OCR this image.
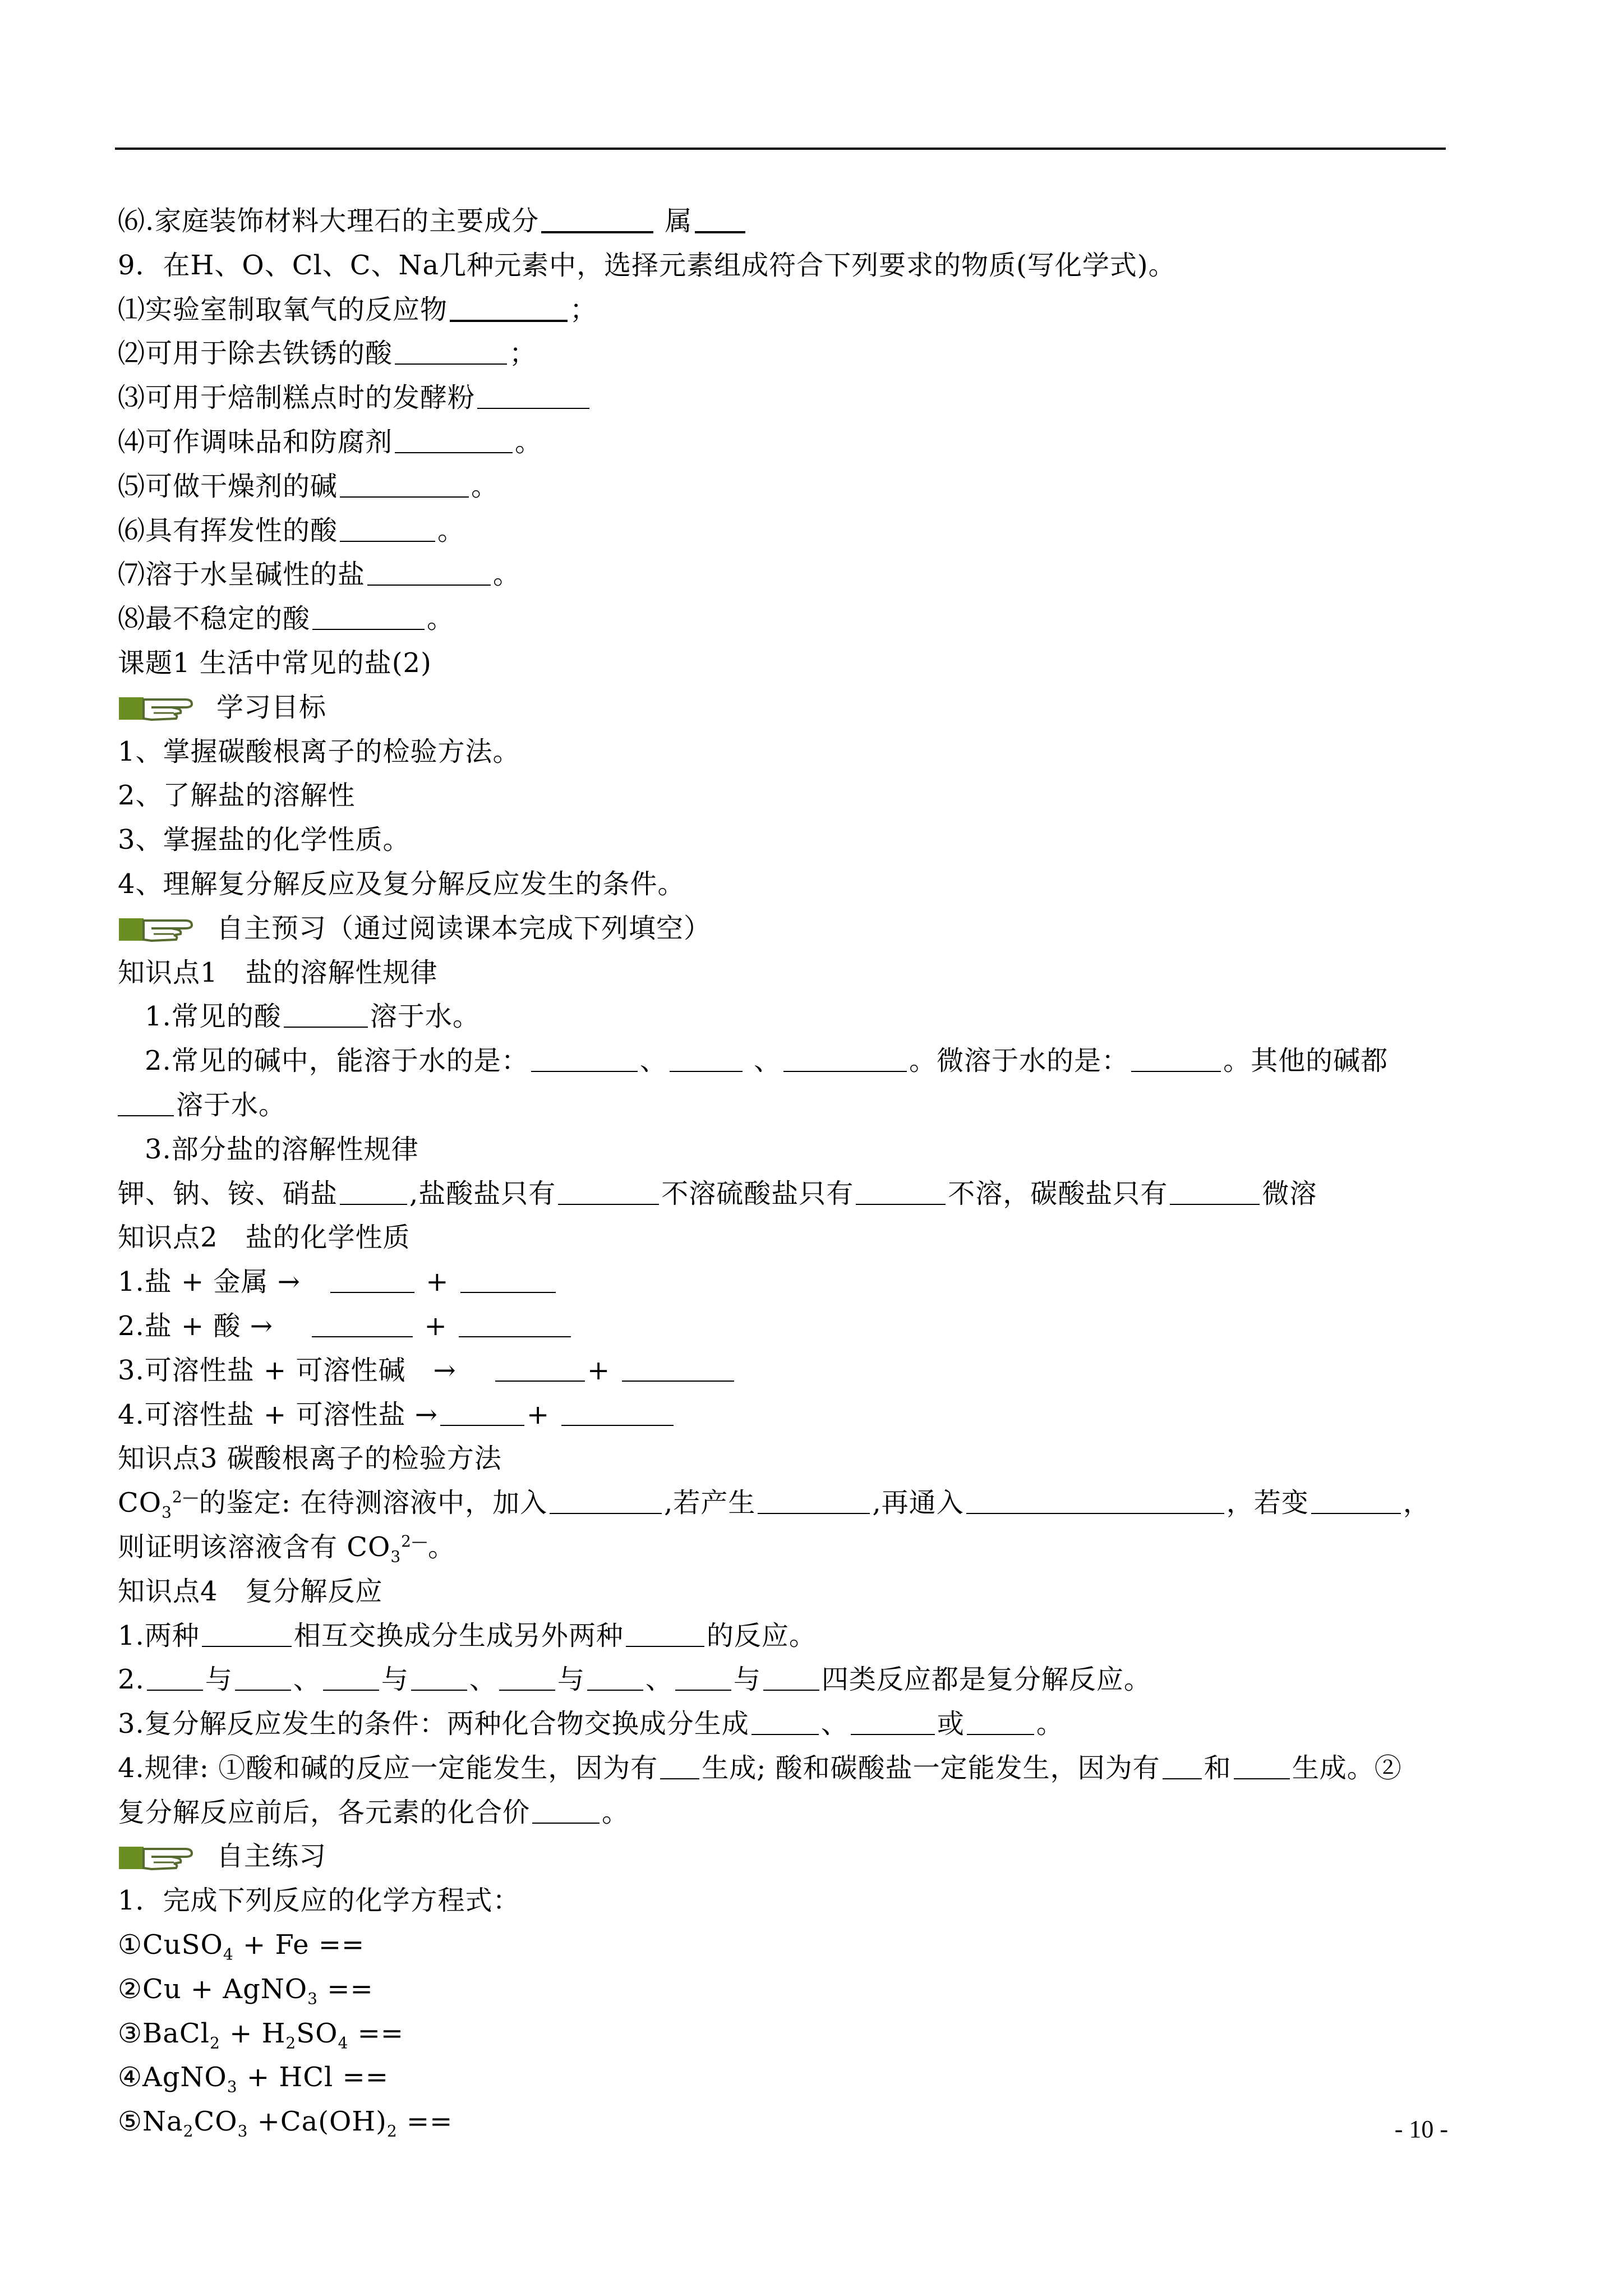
⑹.家庭装饰材料大理石的主要成分	属
9．在H、O、Cl、C、Na几种元素中，选择元素组成符合下列要求的物质(写化学式)。
⑴实验室制取氧气的反应物	；
⑵可用于除去铁锈的酸	；
⑶可用于焙制糕点时的发酵粉
⑷可作调味品和防腐剂	。
⑸可做干燥剂的碱	。
⑹具有挥发性的酸	。
⑺溶于水呈碱性的盐	。
⑻最不稳定的酸	。
课题1 生活中常见的盐(2)
学习目标
1、掌握碳酸根离子的检验方法。
2、了解盐的溶解性
3、掌握盐的化学性质。
4、理解复分解反应及复分解反应发生的条件。
自主预习（通过阅读课本完成下列填空）
知识点1　盐的溶解性规律
1.常见的酸	溶于水。
2.常见的碱中，能溶于水的是：	、	、	。微溶于水的是：	。其他的碱都
溶于水。
3.部分盐的溶解性规律
钾、钠、铵、硝盐	,盐酸盐只有	不溶硫酸盐只有	不溶，碳酸盐只有	微溶
知识点2　盐的化学性质
1.盐 + 金属 →　	+
2.盐 + 酸 →　	+
3.可溶性盐 + 可溶性碱　→　	+
4.可溶性盐 + 可溶性盐 →	+
知识点3 碳酸根离子的检验方法
$CO_3^{2—}$的鉴定: 在待测溶液中，加入	,若产生	,再通入	，若变	，
则证明该溶液含有 $CO_3^{2—}$。
知识点4　复分解反应
1.两种	相互交换成分生成另外两种	的反应。
2. 与 、 与 、 与 、 与 四类反应都是复分解反应。
3.复分解反应发生的条件：两种化合物交换成分生成	、	或	。
4.规律: ①酸和碱的反应一定能发生，因为有 生成; 酸和碳酸盐一定能发生，因为有 和 生成。②
复分解反应前后，各元素的化合价	。
自主练习
1．完成下列反应的化学方程式：
①CuSO$_4$ + Fe ==
②Cu + AgNO$_3$ ==
③BaCl$_2$ + $H_2SO_4$ ==
④AgNO$_3$ + HCl ==
$⑤Na_2CO_3 +Ca(OH)_2$ ==	- 10 -
